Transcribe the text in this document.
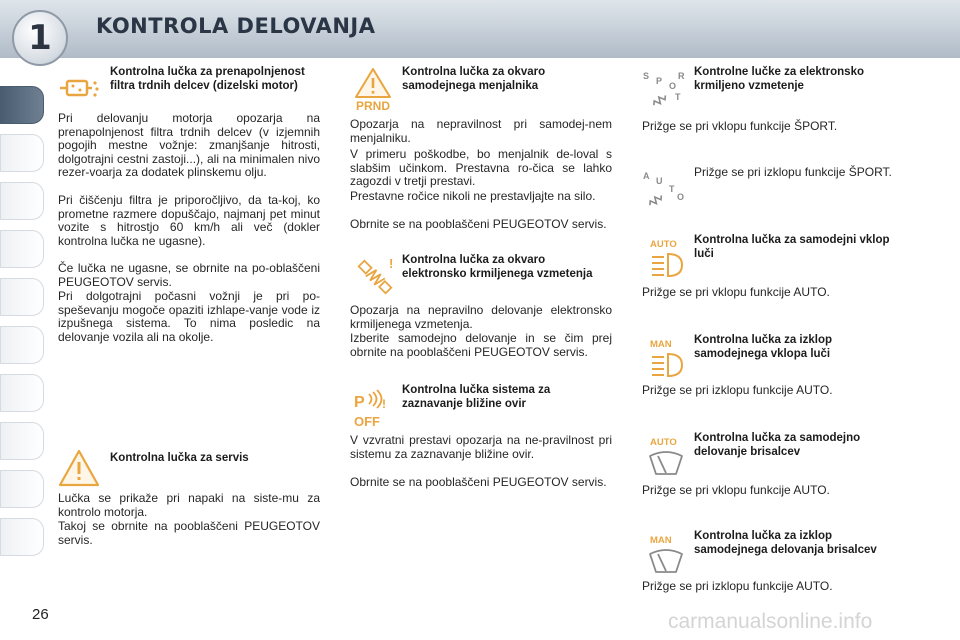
1	KONTROLA DELOVANJA
Kontrolna lučka za prenapolnjenost filtra trdnih delcev (dizelski motor)

Pri delovanju motorja opozarja na prenapolnjenost filtra trdnih delcev (v izjemnih pogojih mestne vožnje: zmanjšanje hitrosti, dolgotrajni cestni zastoji...), ali na minimalen nivo rezer-voarja za dodatek plinskemu olju.

Pri čiščenju filtra je priporočljivo, da ta-koj, ko prometne razmere dopuščajo, najmanj pet minut vozite s hitrostjo 60 km/h ali več (dokler kontrolna lučka ne ugasne).

Če lučka ne ugasne, se obrnite na po-oblaščeni PEUGEOTOV servis.

Pri dolgotrajni počasni vožnji je pri po-speševanju mogoče opaziti izhlape-vanje vode iz izpušnega sistema. To nima posledic na delovanje vozila ali na okolje.

Kontrolna lučka za servis

Lučka se prikaže pri napaki na siste-mu za kontrolo motorja.

Takoj se obrnite na pooblaščeni PEUGEOTOV servis.

PRND
Kontrolna lučka za okvaro samodejnega menjalnika

Opozarja na nepravilnost pri samodej-nem menjalniku.

V primeru poškodbe, bo menjalnik de-loval s slabšim učinkom. Prestavna ro-čica se lahko zagozdi v tretji prestavi.

Prestavne ročice nikoli ne prestavljajte na silo.

Obrnite se na pooblaščeni PEUGEOTOV servis.

! Kontrolna lučka za okvaro elektronsko krmiljenega vzmetenja

Opozarja na nepravilno delovanje elektronsko krmiljenega vzmetenja.

Izberite samodejno delovanje in se čim prej obrnite na pooblaščeni PEUGEOTOV servis.

P !
OFF
Kontrolna lučka sistema za zaznavanje bližine ovir

V vzvratni prestavi opozarja na ne-pravilnost pri sistemu za zaznavanje bližine ovir.

Obrnite se na pooblaščeni PEUGEOTOV servis.

S P O
R
T
Kontrolne lučke za elektronsko krmiljeno vzmetenje

Prižge se pri vklopu funkcije ŠPORT.

A U
T
O

Prižge se pri izklopu funkcije ŠPORT.

AUTO Kontrolna lučka za samodejni vklop luči

Prižge se pri vklopu funkcije AUTO.

MAN Kontrolna lučka za izklop samodejnega vklopa luči

Prižge se pri izklopu funkcije AUTO.

AUTO Kontrolna lučka za samodejno delovanje brisalcev

Prižge se pri vklopu funkcije AUTO.

MAN Kontrolna lučka za izklop samodejnega delovanja brisalcev

Prižge se pri izklopu funkcije AUTO.

26	carmanualsonline.info
